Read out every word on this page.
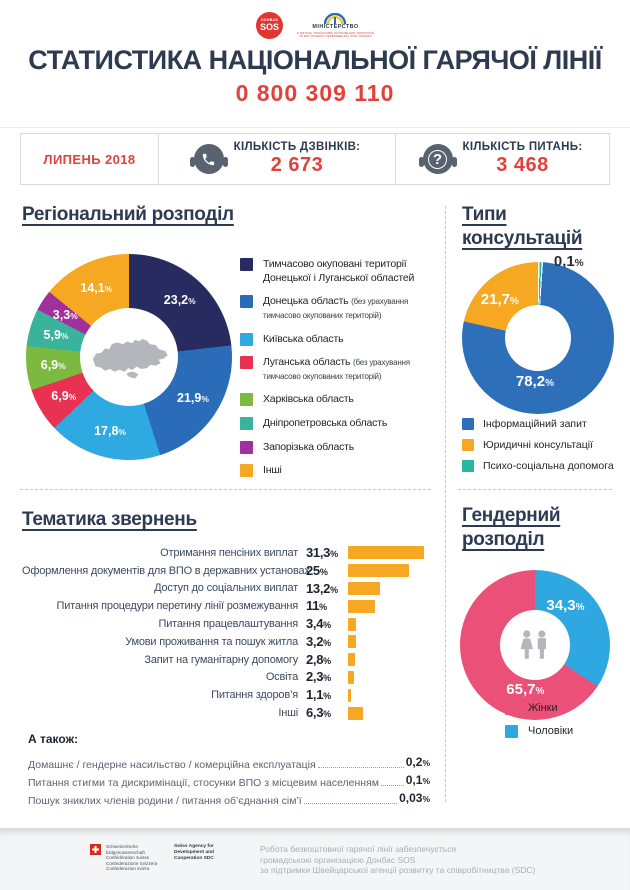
DONBAS
SOS	МІНІСТЕРСТВО
З ПИТАНЬ ТИМЧАСОВО ОКУПОВАНИХ ТЕРИТОРІЙ
ТА ВНУТРІШНЬО ПЕРЕМІЩЕНИХ ОСІБ УКРАЇНИ
СТАТИСТИКА НАЦІОНАЛЬНОЇ ГАРЯЧОЇ ЛІНІЇ
0 800 309 110
ЛИПЕНЬ 2018
КІЛЬКІСТЬ ДЗВІНКІВ:
2 673	?
КІЛЬКІСТЬ ПИТАНЬ:
3 468
Регіональний розподіл	Типи консультацій
Тематика звернень	Гендерний розподіл
23,2%
21,9%
17,8%
6,9%
6,9%
5,9%
3,3%
14,1%
Тимчасово окуповані території Донецької і Луганської областей
Донецька область (без урахування тимчасово окупованих територій)
Київська область
Луганська область (без урахування тимчасово окупованих територій)
Харківська область
Дніпропетровська область
Запорізька область
Інші
0,1%
78,2%
21,7%
Інформаційний запит
Юридичні консультації
Психо-соціальна допомога
Отримання пенсіних виплат 31,3%
Оформлення документів для ВПО в державних установах
25%
Доступ до соціальних виплат 13,2%
Питання процедури перетину лінії розмежування 11%
Питання працевлаштування 3,4%
Умови проживання та пошук житла 3,2%
Запит на гуманітарну допомогу 2,8%
Освіта 2,3%
Питання здоров’я 1,1%
Інші 6,3%
А також:
Домашнє / гендерне насильство / комерційна експлуатація	0,2%
Питання стигми та дискримінації, стосунки ВПО з місцевим населенням 0,1%
Пошук зниклих членів родини / питання об’єднання сім’ї	0,03%
34,3%
65,7%
Жінки
Чоловіки
Schweizerische Eidgenossenschaft
Confédération suisse
Confederazione Svizzera
Confederaziun svizra
Swiss Agency for Development and Cooperation SDC
Робота безкоштовної гарячої лінії забезпечується
громадською організацією Донбас SOS
за підтримки Швейцарської агенції розвитку та співробітництва (SDC)
